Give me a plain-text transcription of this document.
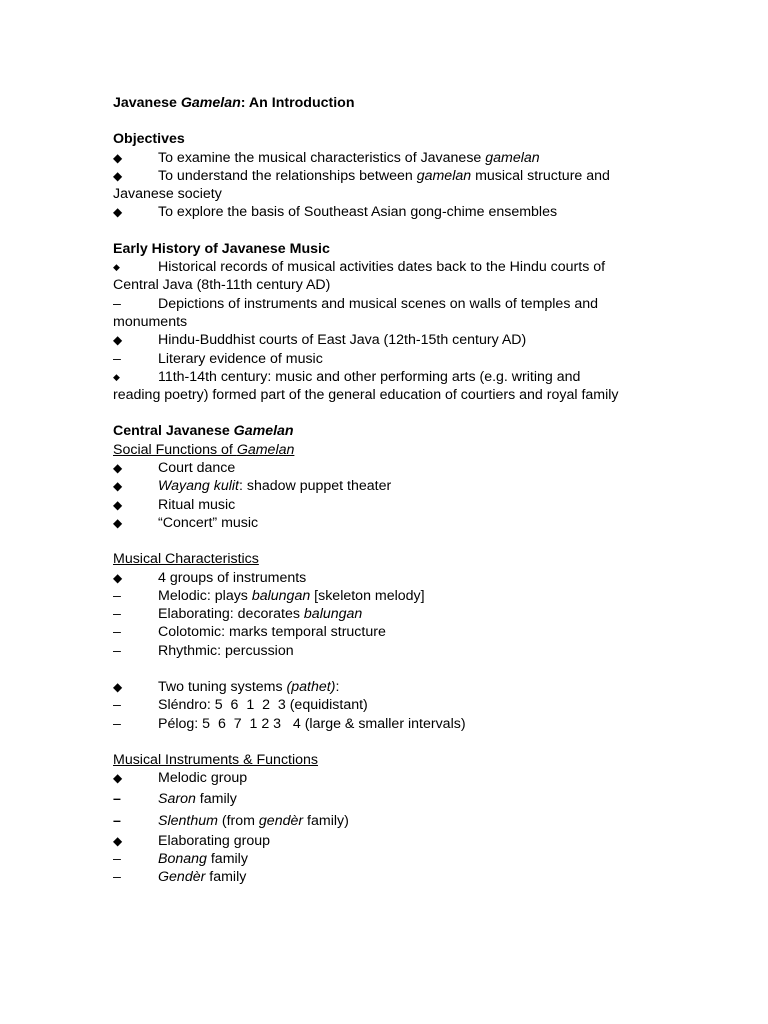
Javanese Gamelan: An Introduction
Objectives
◆	To examine the musical characteristics of Javanese gamelan
◆	To understand the relationships between gamelan musical structure and
Javanese society
◆	To explore the basis of Southeast Asian gong-chime ensembles
Early History of Javanese Music
◆	Historical records of musical activities dates back to the Hindu courts of
Central Java (8th-11th century AD)
–	Depictions of instruments and musical scenes on walls of temples and
monuments
◆	Hindu-Buddhist courts of East Java (12th-15th century AD)
–	Literary evidence of music
◆	11th-14th century: music and other performing arts (e.g. writing and
reading poetry) formed part of the general education of courtiers and royal family
Central Javanese Gamelan
Social Functions of Gamelan
◆	Court dance
◆	Wayang kulit: shadow puppet theater
◆	Ritual music
◆	“Concert” music
Musical Characteristics
◆	4 groups of instruments
–	Melodic: plays balungan [skeleton melody]
–	Elaborating: decorates balungan
–	Colotomic: marks temporal structure
–	Rhythmic: percussion
◆	Two tuning systems (pathet):
–	Sléndro: 5  6  1  2  3 (equidistant)
–	Pélog: 5  6  7  1 2 3   4 (large & smaller intervals)
Musical Instruments & Functions
◆	Melodic group
–	Saron family
–	Slenthum (from gendèr family)
◆	Elaborating group
–	Bonang family
–	Gendèr family
